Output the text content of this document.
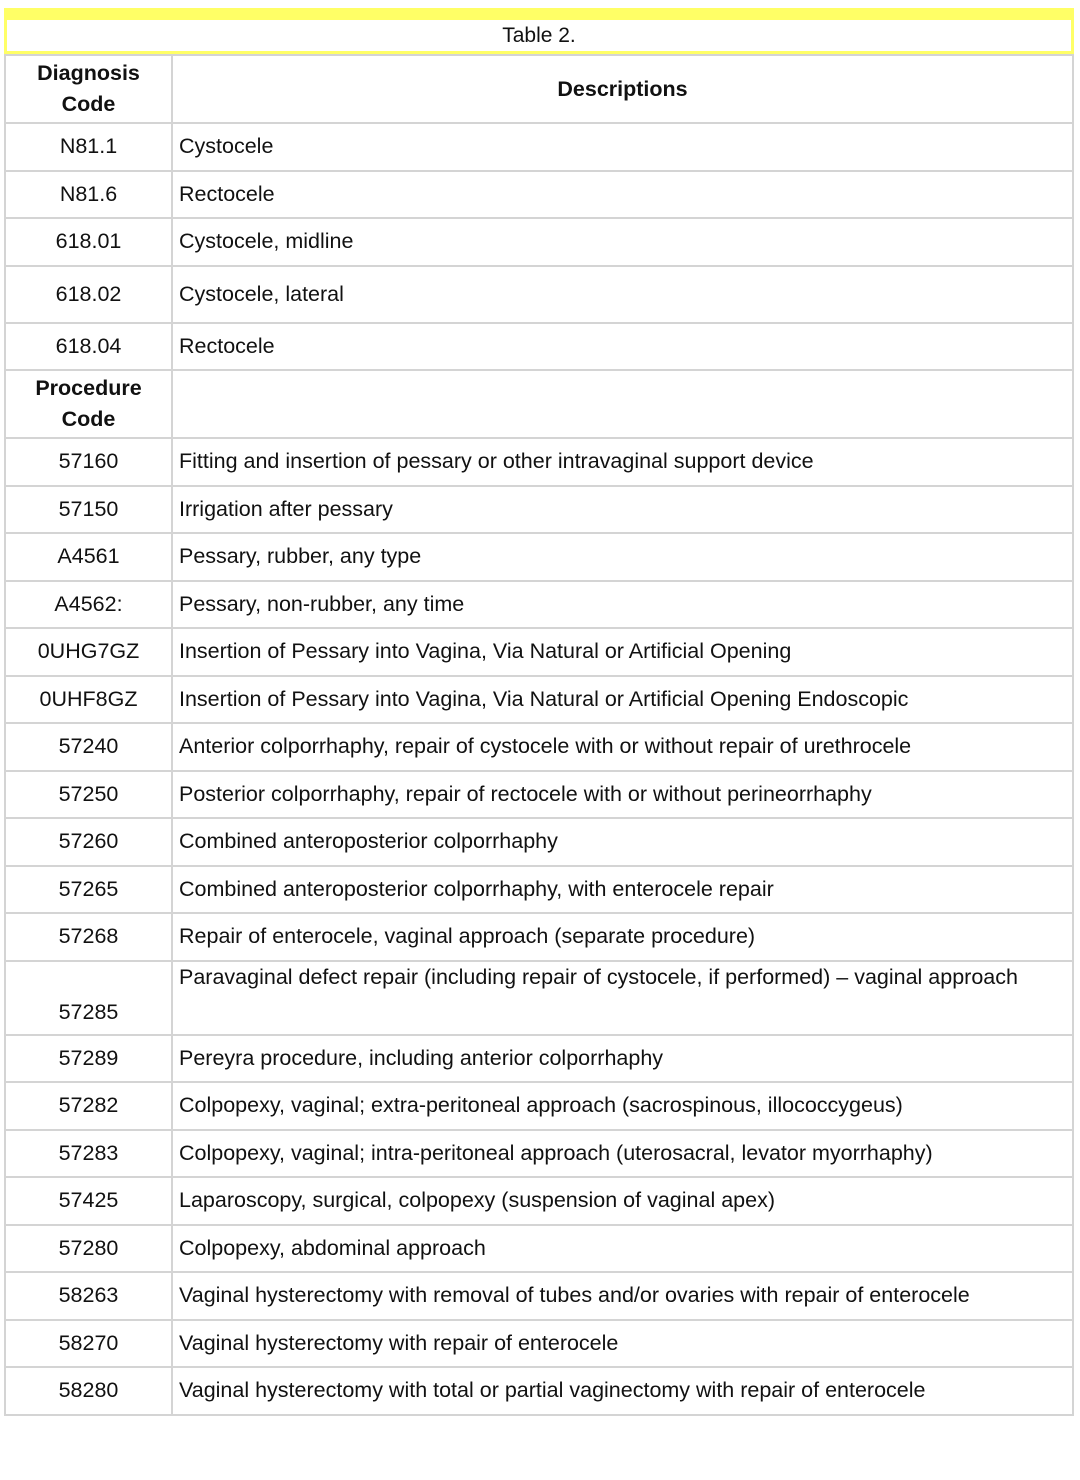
Table 2.
Diagnosis Code	Descriptions
N81.1	Cystocele
N81.6	Rectocele
618.01	Cystocele, midline
618.02	Cystocele, lateral
618.04	Rectocele
Procedure Code	
57160	Fitting and insertion of pessary or other intravaginal support device
57150	Irrigation after pessary
A4561	Pessary, rubber, any type
A4562:	Pessary, non-rubber, any time
0UHG7GZ	Insertion of Pessary into Vagina, Via Natural or Artificial Opening
0UHF8GZ	Insertion of Pessary into Vagina, Via Natural or Artificial Opening Endoscopic
57240	Anterior colporrhaphy, repair of cystocele with or without repair of urethrocele
57250	Posterior colporrhaphy, repair of rectocele with or without perineorrhaphy
57260	Combined anteroposterior colporrhaphy
57265	Combined anteroposterior colporrhaphy, with enterocele repair
57268	Repair of enterocele, vaginal approach (separate procedure)
57285	Paravaginal defect repair (including repair of cystocele, if performed) – vaginal approach
57289	Pereyra procedure, including anterior colporrhaphy
57282	Colpopexy, vaginal; extra-peritoneal approach (sacrospinous, illococcygeus)
57283	Colpopexy, vaginal; intra-peritoneal approach (uterosacral, levator myorrhaphy)
57425	Laparoscopy, surgical, colpopexy (suspension of vaginal apex)
57280	Colpopexy, abdominal approach
58263	Vaginal hysterectomy with removal of tubes and/or ovaries with repair of enterocele
58270	Vaginal hysterectomy with repair of enterocele
58280	Vaginal hysterectomy with total or partial vaginectomy with repair of enterocele
